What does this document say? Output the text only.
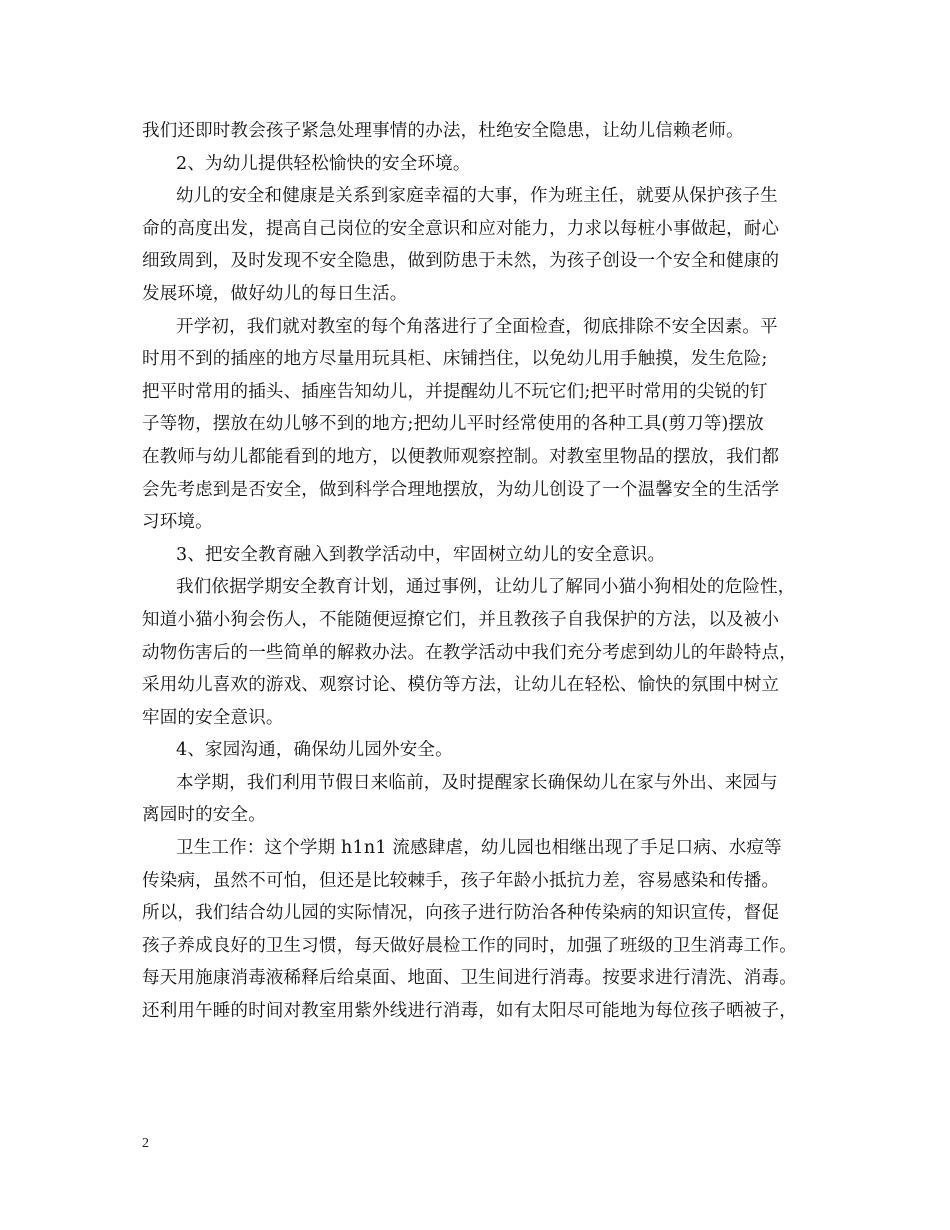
我们还即时教会孩子紧急处理事情的办法，杜绝安全隐患，让幼儿信赖老师。
2、为幼儿提供轻松愉快的安全环境。
幼儿的安全和健康是关系到家庭幸福的大事，作为班主任，就要从保护孩子生
命的高度出发，提高自己岗位的安全意识和应对能力，力求以每桩小事做起，耐心
细致周到，及时发现不安全隐患，做到防患于未然，为孩子创设一个安全和健康的
发展环境，做好幼儿的每日生活。
开学初，我们就对教室的每个角落进行了全面检查，彻底排除不安全因素。平
时用不到的插座的地方尽量用玩具柜、床铺挡住，以免幼儿用手触摸，发生危险;
把平时常用的插头、插座告知幼儿，并提醒幼儿不玩它们;把平时常用的尖锐的钉
子等物，摆放在幼儿够不到的地方;把幼儿平时经常使用的各种工具(剪刀等)摆放
在教师与幼儿都能看到的地方，以便教师观察控制。对教室里物品的摆放，我们都
会先考虑到是否安全，做到科学合理地摆放，为幼儿创设了一个温馨安全的生活学
习环境。
3、把安全教育融入到教学活动中，牢固树立幼儿的安全意识。
我们依据学期安全教育计划，通过事例，让幼儿了解同小猫小狗相处的危险性，
知道小猫小狗会伤人，不能随便逗撩它们，并且教孩子自我保护的方法，以及被小
动物伤害后的一些简单的解救办法。在教学活动中我们充分考虑到幼儿的年龄特点，
采用幼儿喜欢的游戏、观察讨论、模仿等方法，让幼儿在轻松、愉快的氛围中树立
牢固的安全意识。
4、家园沟通，确保幼儿园外安全。
本学期，我们利用节假日来临前，及时提醒家长确保幼儿在家与外出、来园与
离园时的安全。
卫生工作：这个学期 h1n1 流感肆虐，幼儿园也相继出现了手足口病、水痘等
传染病，虽然不可怕，但还是比较棘手，孩子年龄小抵抗力差，容易感染和传播。
所以，我们结合幼儿园的实际情况，向孩子进行防治各种传染病的知识宣传，督促
孩子养成良好的卫生习惯，每天做好晨检工作的同时，加强了班级的卫生消毒工作。
每天用施康消毒液稀释后给桌面、地面、卫生间进行消毒。按要求进行清洗、消毒。
还利用午睡的时间对教室用紫外线进行消毒，如有太阳尽可能地为每位孩子晒被子，
2
